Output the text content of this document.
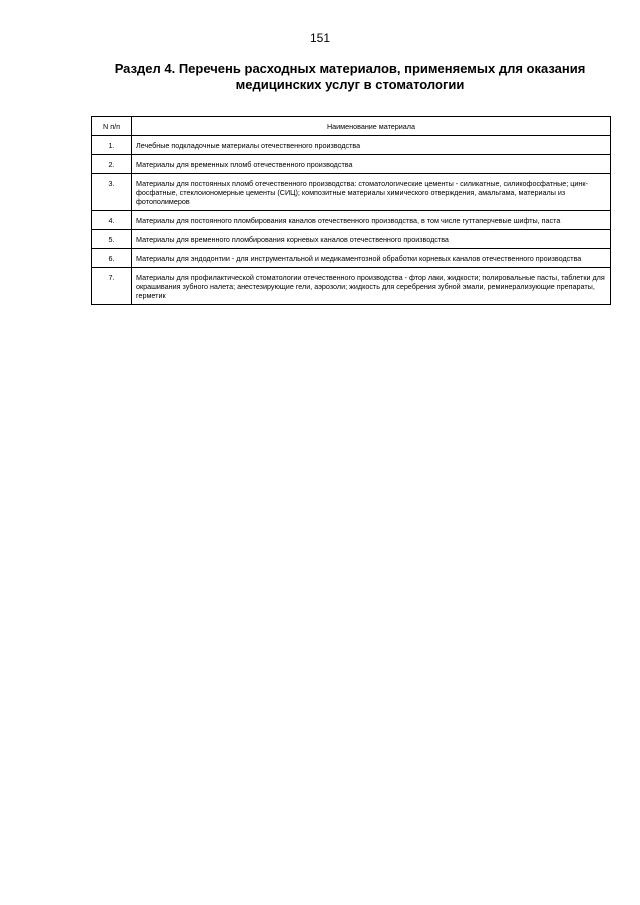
151
Раздел 4. Перечень расходных материалов, применяемых для оказания медицинских услуг в стоматологии
N п/п	Наименование материала
1.	Лечебные подкладочные материалы отечественного производства
2.	Материалы для временных пломб отечественного производства
3.	Материалы для постоянных пломб отечественного производства: стоматологические цементы - силикатные, силикофосфатные; цинк-фосфатные, стеклоиономерные цементы (СИЦ); композитные материалы химического отверждения, амальгама, материалы из фотополимеров
4.	Материалы для постоянного пломбирования каналов отечественного производства, в том числе гуттаперчевые шифты, паста
5.	Материалы для временного пломбирования корневых каналов отечественного производства
6.	Материалы для эндодонтии - для инструментальной и медикаментозной обработки корневых каналов отечественного производства
7.	Материалы для профилактической стоматологии отечественного производства - фтор лаки, жидкости; полировальные пасты, таблетки для окрашивания зубного налета; анестезирующие гели, аэрозоли; жидкость для серебрения зубной эмали, реминерализующие препараты, герметик
